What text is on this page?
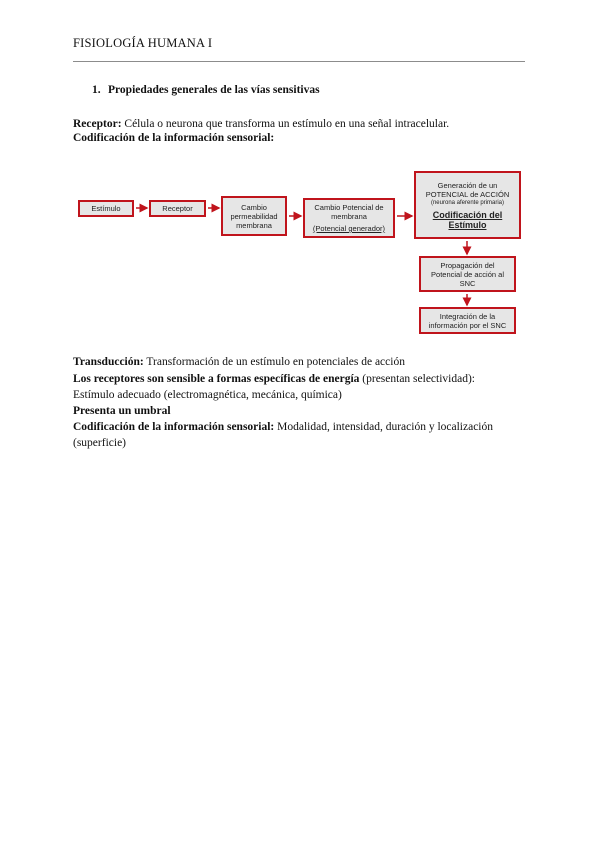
FISIOLOGÍA HUMANA I
1. Propiedades generales de las vías sensitivas
Receptor: Célula o neurona que transforma un estímulo en una señal intracelular.
Codificación de la información sensorial:
Estímulo	Receptor	Cambio
permeabilidad
membrana
Cambio Potencial de
membrana
(Potencial generador)
Generación de un
POTENCIAL de ACCIÓN
(neurona aferente primaria)
Codificación del
Estímulo
Propagación del
Potencial de acción al
SNC
Integración de la
información por el SNC
Transducción: Transformación de un estímulo en potenciales de acción
Los receptores son sensible a formas específicas de energía (presentan selectividad):
Estímulo adecuado (electromagnética, mecánica, química)
Presenta un umbral
Codificación de la información sensorial: Modalidad, intensidad, duración y localización
(superficie)
